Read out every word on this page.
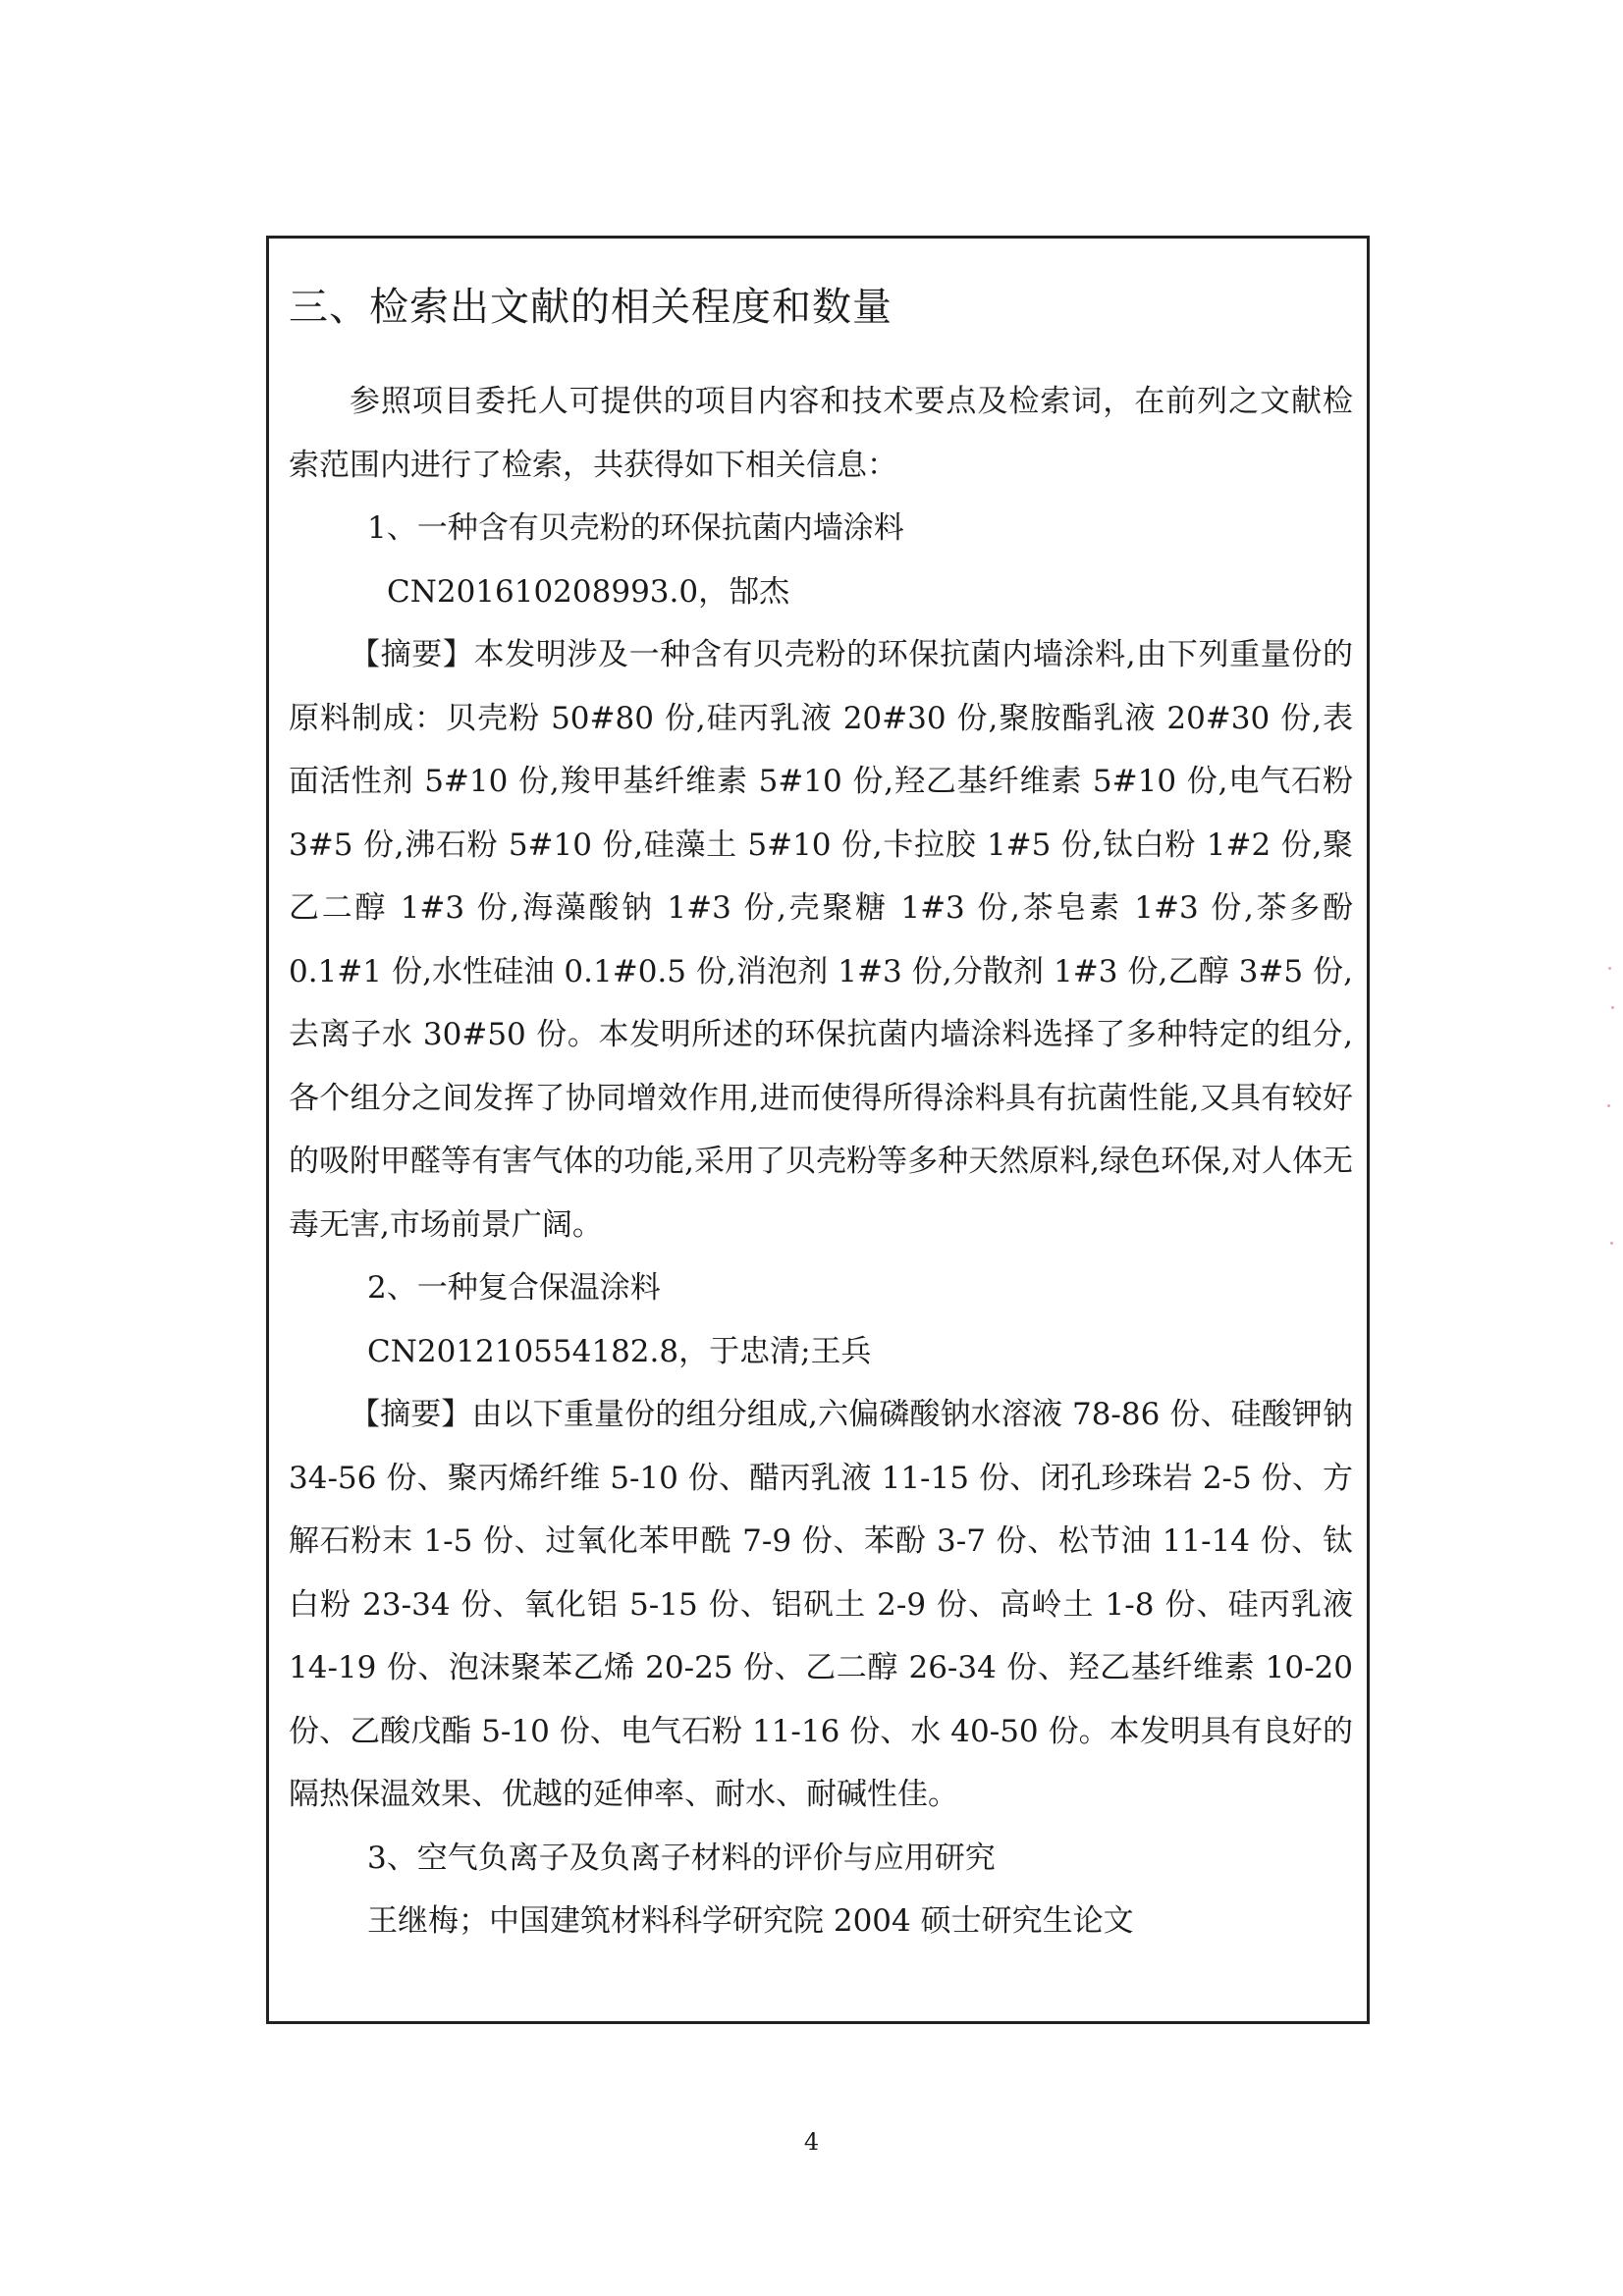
三、检索出文献的相关程度和数量

参照项目委托人可提供的项目内容和技术要点及检索词，在前列之文献检索范围内进行了检索，共获得如下相关信息：

1、一种含有贝壳粉的环保抗菌内墙涂料

CN201610208993.0，郜杰

【摘要】本发明涉及一种含有贝壳粉的环保抗菌内墙涂料,由下列重量份的原料制成：贝壳粉 50#80 份,硅丙乳液 20#30 份,聚胺酯乳液 20#30 份,表面活性剂 5#10 份,羧甲基纤维素 5#10 份,羟乙基纤维素 5#10 份,电气石粉 3#5 份,沸石粉 5#10 份,硅藻土 5#10 份,卡拉胶 1#5 份,钛白粉 1#2 份,聚乙二醇 1#3 份,海藻酸钠 1#3 份,壳聚糖 1#3 份,茶皂素 1#3 份,茶多酚 0.1#1 份,水性硅油 0.1#0.5 份,消泡剂 1#3 份,分散剂 1#3 份,乙醇 3#5 份,去离子水 30#50 份。本发明所述的环保抗菌内墙涂料选择了多种特定的组分,各个组分之间发挥了协同增效作用,进而使得所得涂料具有抗菌性能,又具有较好的吸附甲醛等有害气体的功能,采用了贝壳粉等多种天然原料,绿色环保,对人体无毒无害,市场前景广阔。

2、一种复合保温涂料

CN201210554182.8，于忠清;王兵

【摘要】由以下重量份的组分组成,六偏磷酸钠水溶液 78-86 份、硅酸钾钠 34-56 份、聚丙烯纤维 5-10 份、醋丙乳液 11-15 份、闭孔珍珠岩 2-5 份、方解石粉末 1-5 份、过氧化苯甲酰 7-9 份、苯酚 3-7 份、松节油 11-14 份、钛白粉 23-34 份、氧化铝 5-15 份、铝矾土 2-9 份、高岭土 1-8 份、硅丙乳液 14-19 份、泡沫聚苯乙烯 20-25 份、乙二醇 26-34 份、羟乙基纤维素 10-20 份、乙酸戊酯 5-10 份、电气石粉 11-16 份、水 40-50 份。本发明具有良好的隔热保温效果、优越的延伸率、耐水、耐碱性佳。

3、空气负离子及负离子材料的评价与应用研究

王继梅；中国建筑材料科学研究院 2004 硕士研究生论文

4
